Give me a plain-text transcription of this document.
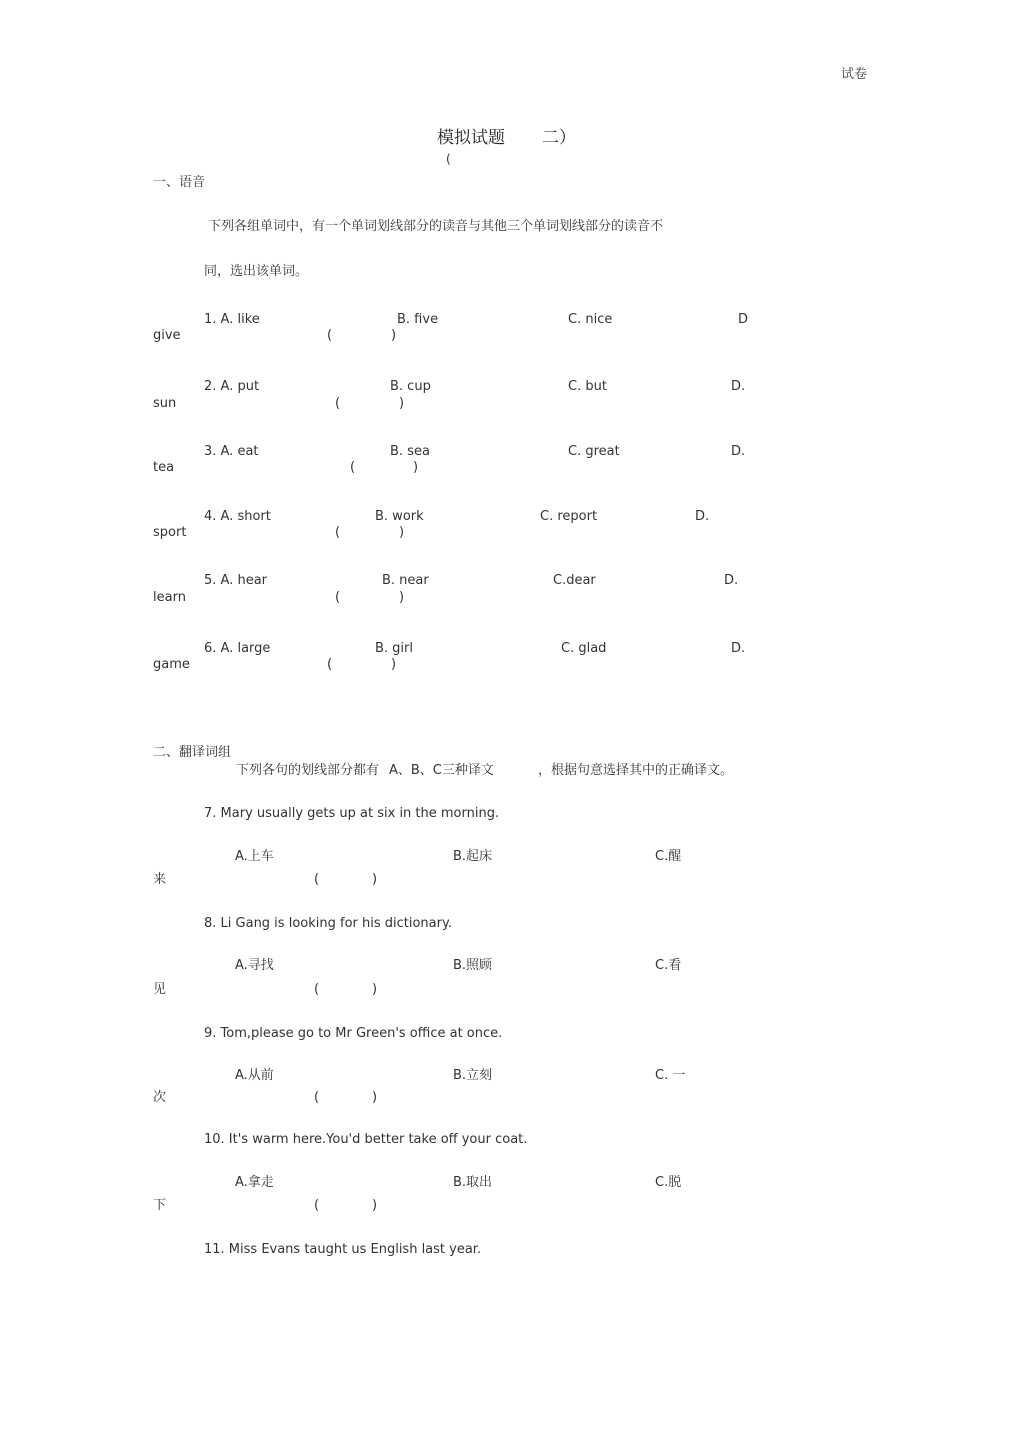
试卷
模拟试题 二）
(
一、语音
下列各组单词中，有一个单词划线部分的读音与其他三个单词划线部分的读音不
同，选出该单词。
1. A. like	B. five	C. nice	D
give	(	)
2. A. put	B. cup	C. but	D.
sun	(	)
3. A. eat	B. sea	C. great	D.
tea	(	)
4. A. short	B. work	C. report	D.
sport	(	)
5. A. hear	B. near	C.dear	D.
learn	(	)
6. A. large	B. girl	C. glad	D.
game	(	)
二、翻译词组
下列各句的划线部分都有 A、B、C三种译文	，根据句意选择其中的正确译文。
7. Mary usually gets up at six in the morning.
A.上车	B.起床	C.醒
来	(	)
8. Li Gang is looking for his dictionary.
A.寻找	B.照顾	C.看
见	(	)
9. Tom,please go to Mr Green's office at once.
A.从前	B.立刻	C. 一
次	(	)
10. It's warm here.You'd better take off your coat.
A.拿走	B.取出	C.脱
下	(	)
11. Miss Evans taught us English last year.
